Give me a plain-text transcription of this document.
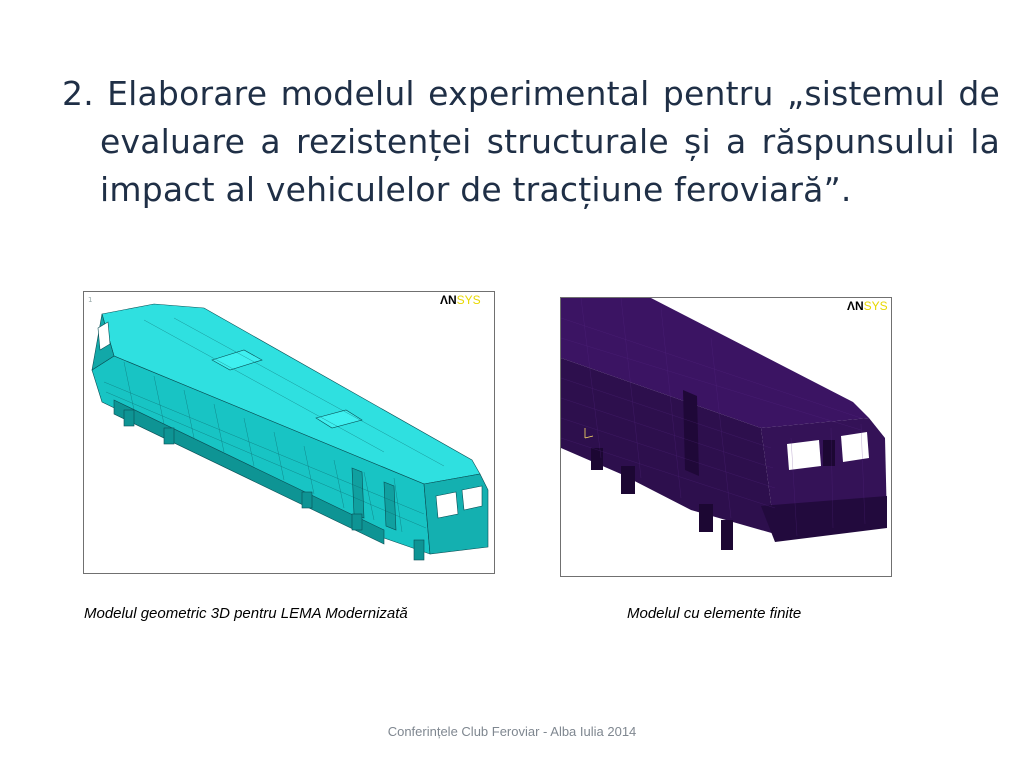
2. Elaborare modelul experimental pentru „sistemul de evaluare a rezistenței structurale și a răspunsului la impact al vehiculelor de tracțiune feroviară”.
1	ΛNSYS	ΛNSYS
Modelul geometric 3D pentru LEMA Modernizată	Modelul cu elemente finite
Conferințele Club Feroviar - Alba Iulia 2014
